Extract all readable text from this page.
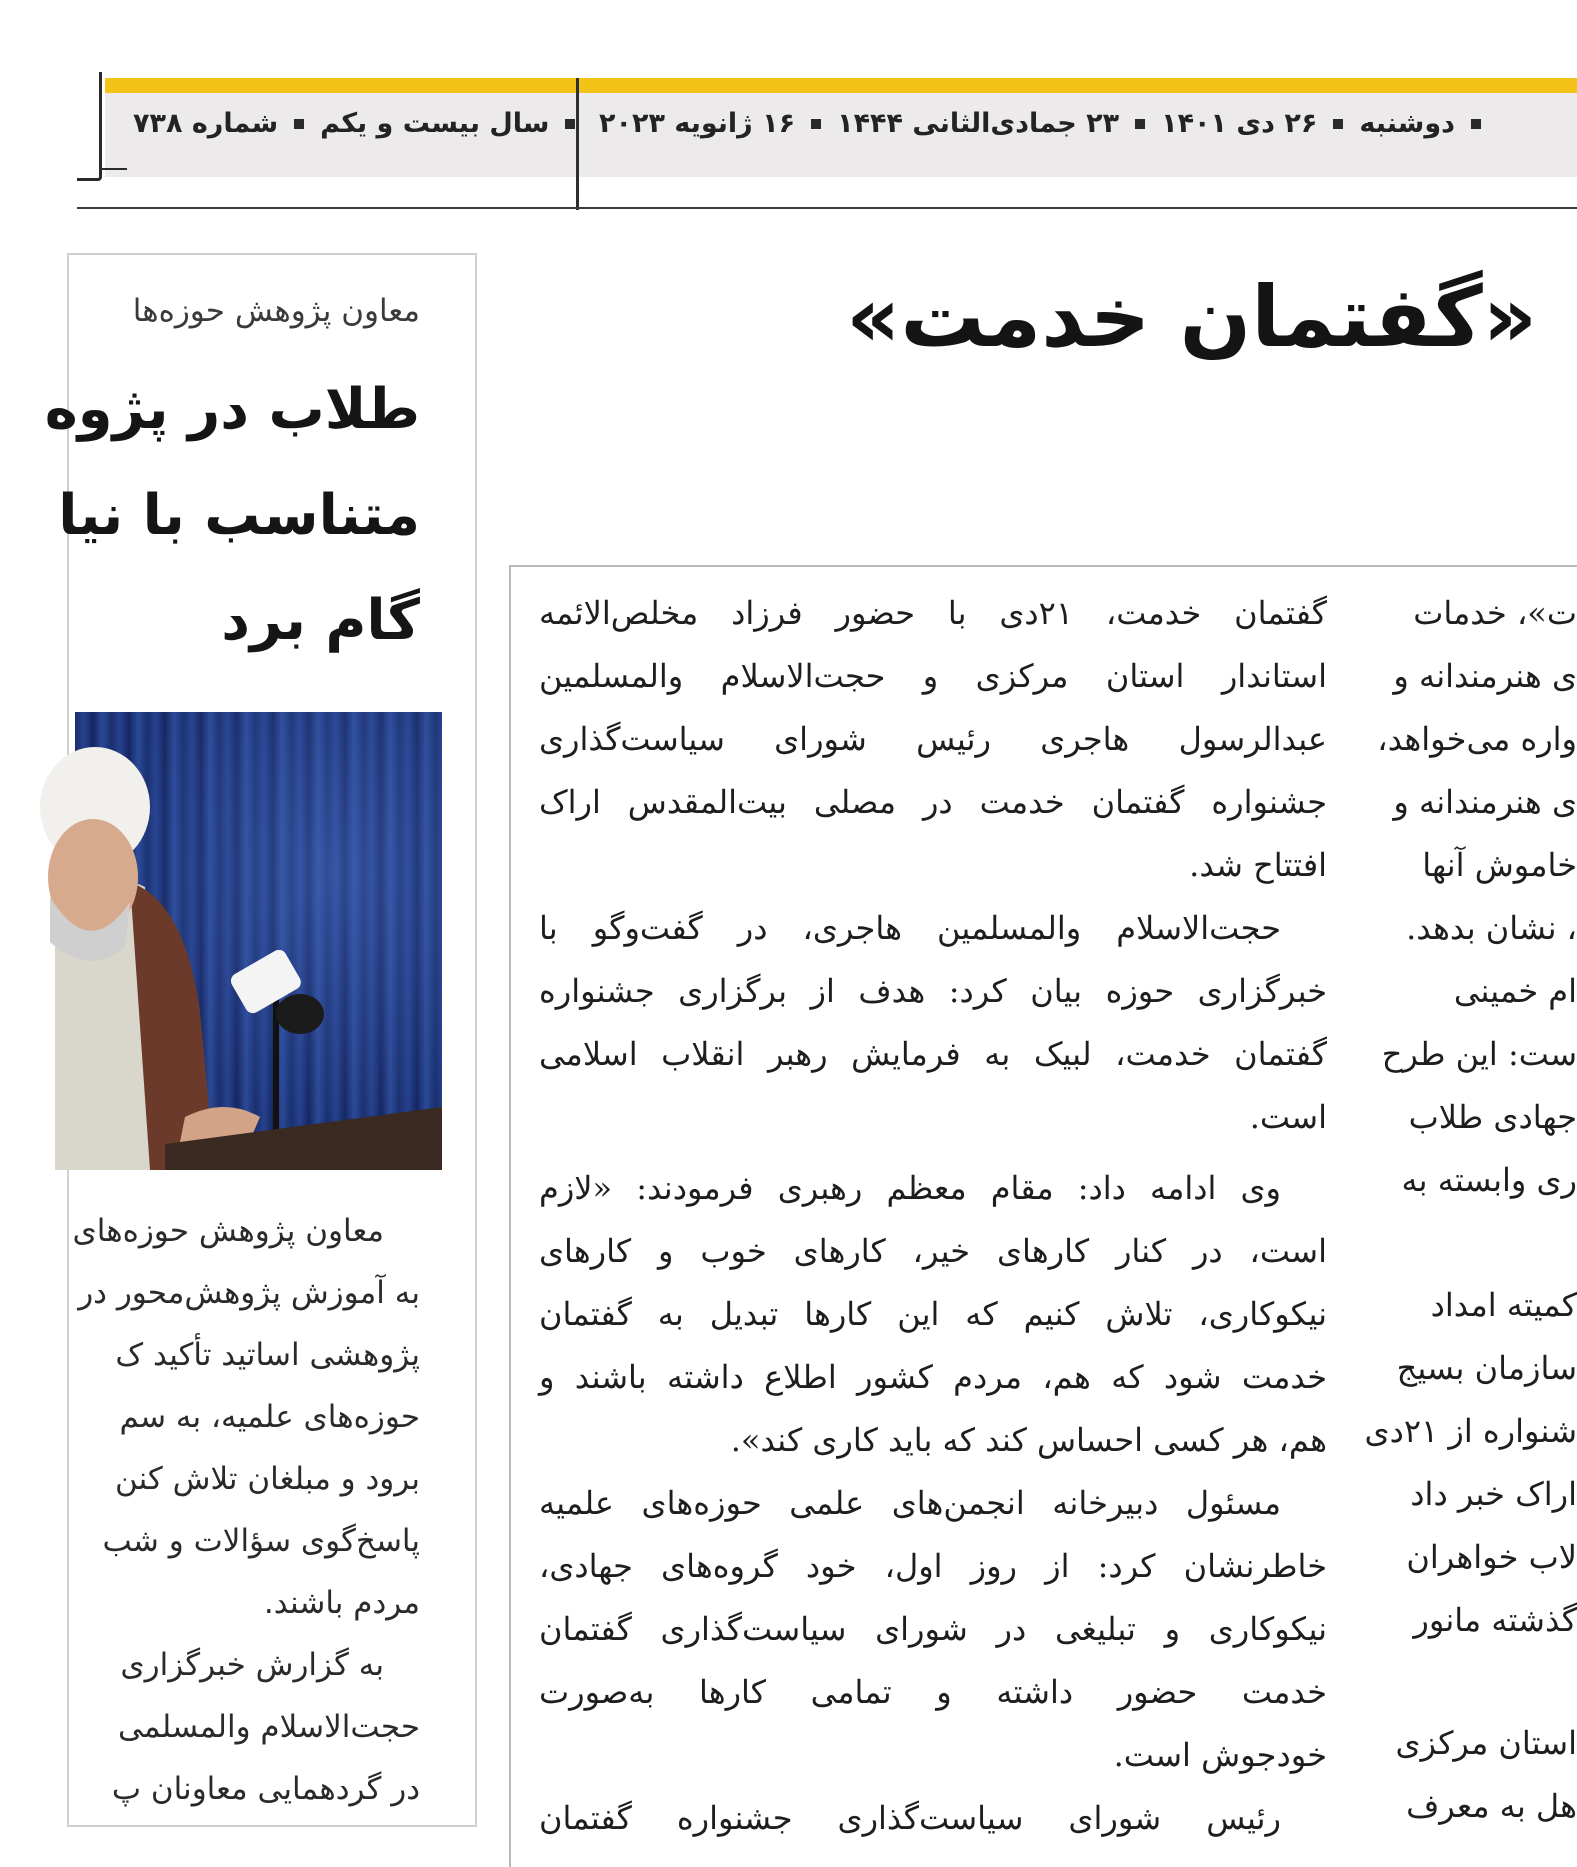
دوشنبه
۲۶ دی ۱۴۰۱
۲۳ جمادی‌الثانی ۱۴۴۴
۱۶ ژانویه ۲۰۲۳
سال بیست و یکم
شماره ۷۳۸
«گفتمان خدمت»
معاون پژوهش حوزه‌ها
طلاب در پژوه
متناسب با نیا
گام برد
معاون پژوهش حوزه‌های
به آموزش پژوهش‌محور در
پژوهشی اساتید تأکید ک
حوزه‌های علمیه، به سم
برود و مبلغان تلاش کنن
پاسخ‌گوی سؤالات و شب
مردم باشند.
به گزارش خبرگزاری
حجت‌الاسلام والمسلمی
در گردهمایی معاونان پ
گفتمان خدمت، ۲۱دی با حضور فرزاد مخلص‌الائمه
استاندار استان مرکزی و حجت‌الاسلام والمسلمین
عبدالرسول هاجری رئیس شورای سیاست‌گذاری
جشنواره گفتمان خدمت در مصلی بیت‌المقدس اراک
افتتاح شد.
حجت‌الاسلام والمسلمین هاجری، در گفت‌وگو با
خبرگزاری حوزه بیان کرد: هدف از برگزاری جشنواره
گفتمان خدمت، لبیک به فرمایش رهبر انقلاب اسلامی
است.
وی ادامه داد: مقام معظم رهبری فرمودند: «لازم
است، در کنار کارهای خیر، کارهای خوب و کارهای
نیکوکاری، تلاش کنیم که این کارها تبدیل به گفتمان
خدمت شود که هم، مردم کشور اطلاع داشته باشند و
هم، هر کسی احساس کند که باید کاری کند».
مسئول دبیرخانه انجمن‌های علمی حوزه‌های علمیه
خاطرنشان کرد: از روز اول، خود گروه‌های جهادی،
نیکوکاری و تبلیغی در شورای سیاست‌گذاری گفتمان
خدمت حضور داشته و تمامی کارها به‌صورت
خودجوش است.
رئیس شورای سیاست‌گذاری جشنواره گفتمان
ت»، خدمات
ی هنرمندانه و
واره می‌خواهد،
ی هنرمندانه و
خاموش آنها
، نشان بدهد.
ام خمینی
ست: این طرح
جهادی طلاب
ری وابسته به
کمیته امداد
سازمان بسیج
شنواره از ۲۱دی
اراک خبر داد
لاب خواهران
گذشته مانور
استان مرکزی
هل به معرف
